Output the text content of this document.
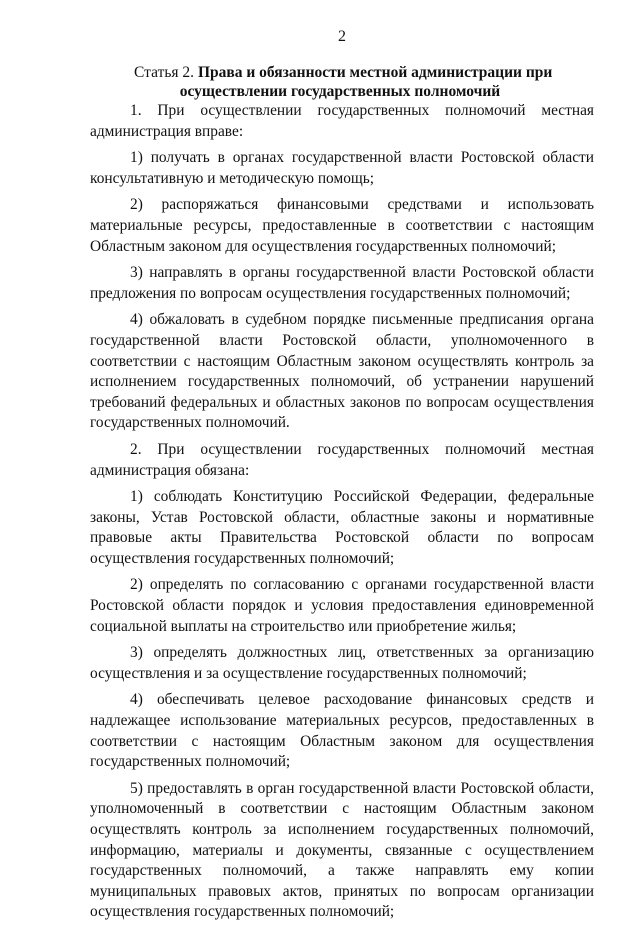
2
Статья 2. Права и обязанности местной администрации при
осуществлении государственных полномочий

1. При осуществлении государственных полномочий местная администрация вправе:

1) получать в органах государственной власти Ростовской области консультативную и методическую помощь;

2) распоряжаться финансовыми средствами и использовать материальные ресурсы, предоставленные в соответствии с настоящим Областным законом для осуществления государственных полномочий;

3) направлять в органы государственной власти Ростовской области предложения по вопросам осуществления государственных полномочий;

4) обжаловать в судебном порядке письменные предписания органа государственной власти Ростовской области, уполномоченного в соответствии с настоящим Областным законом осуществлять контроль за исполнением государственных полномочий, об устранении нарушений требований федеральных и областных законов по вопросам осуществления государственных полномочий.

2. При осуществлении государственных полномочий местная администрация обязана:

1) соблюдать Конституцию Российской Федерации, федеральные законы, Устав Ростовской области, областные законы и нормативные правовые акты Правительства Ростовской области по вопросам осуществления государственных полномочий;

2) определять по согласованию с органами государственной власти Ростовской области порядок и условия предоставления единовременной социальной выплаты на строительство или приобретение жилья;

3) определять должностных лиц, ответственных за организацию осуществления и за осуществление государственных полномочий;

4) обеспечивать целевое расходование финансовых средств и надлежащее использование материальных ресурсов, предоставленных в соответствии с настоящим Областным законом для осуществления государственных полномочий;

5) предоставлять в орган государственной власти Ростовской области, уполномоченный в соответствии с настоящим Областным законом осуществлять контроль за исполнением государственных полномочий, информацию, материалы и документы, связанные с осуществлением государственных полномочий, а также направлять ему копии муниципальных правовых актов, принятых по вопросам организации осуществления государственных полномочий;
